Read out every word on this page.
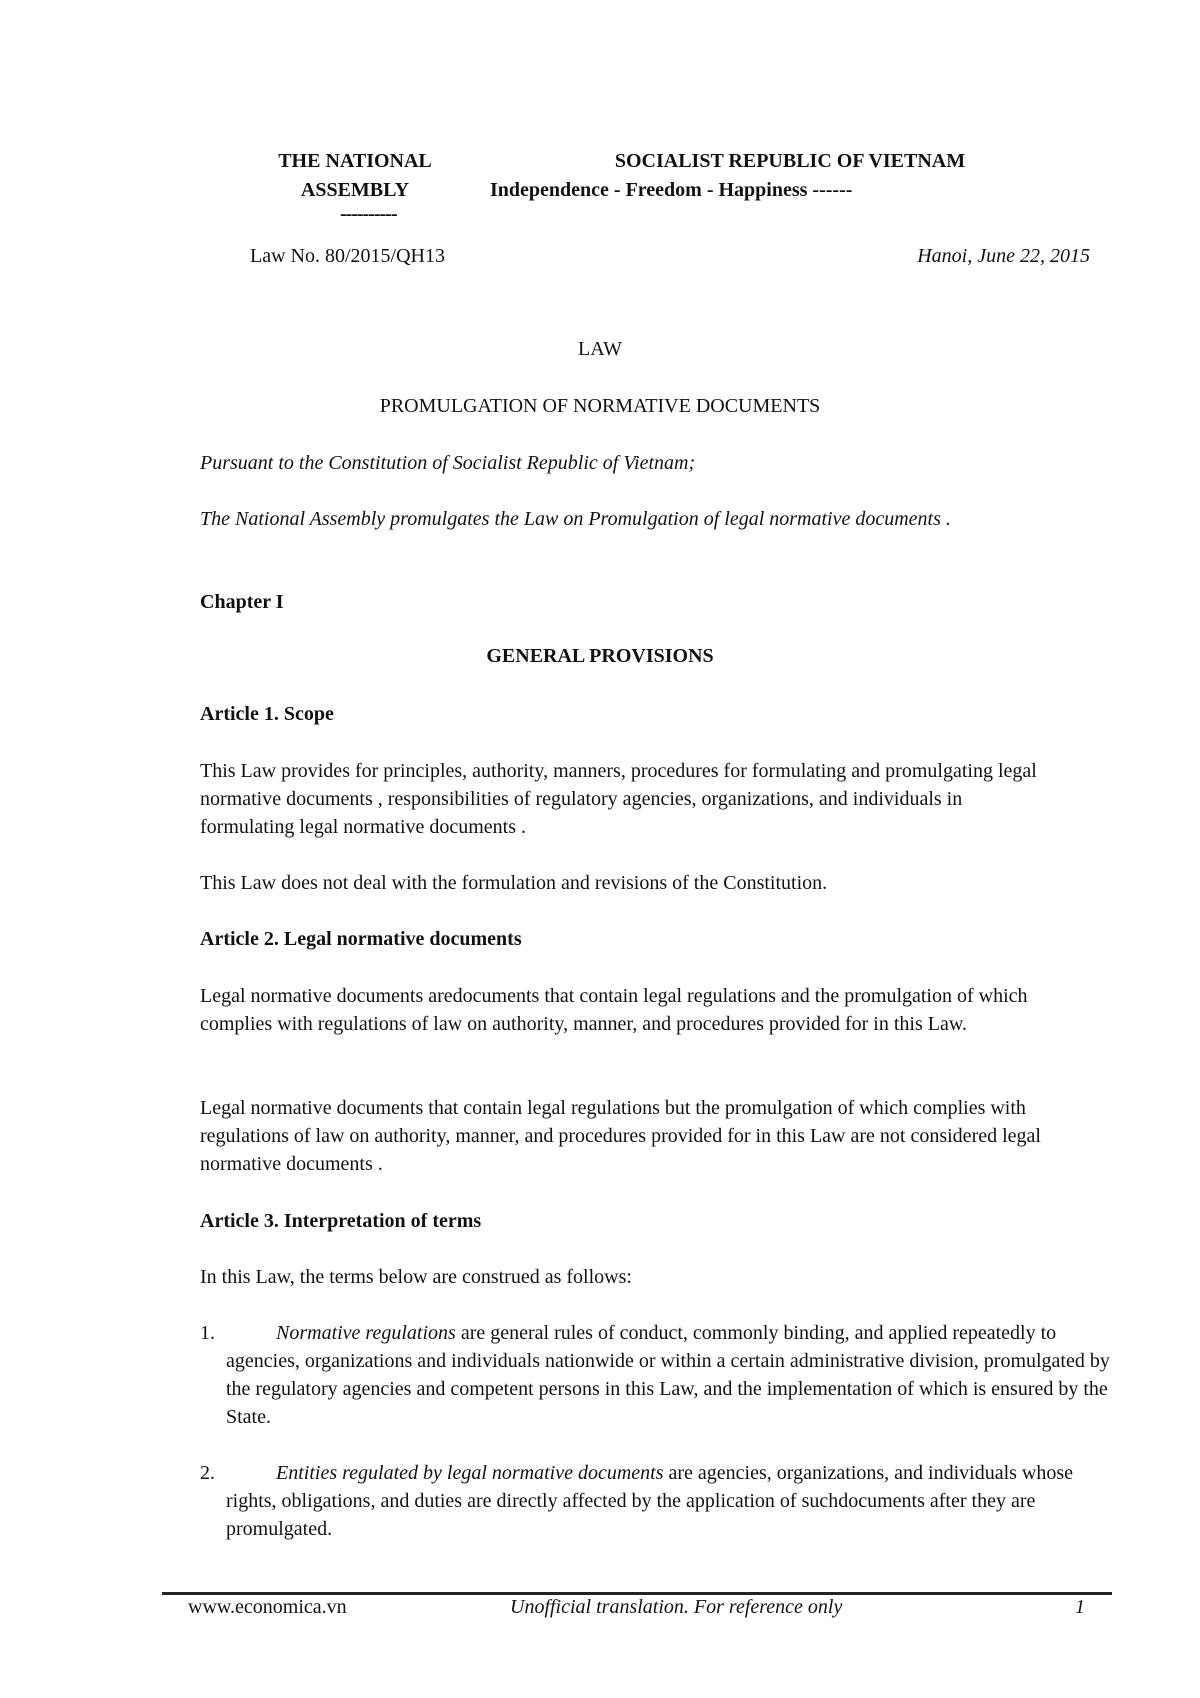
THE NATIONAL ASSEMBLY
----------
SOCIALIST REPUBLIC OF VIETNAM
Independence - Freedom - Happiness ------
Law No. 80/2015/QH13	Hanoi, June 22, 2015
LAW
PROMULGATION OF NORMATIVE DOCUMENTS
Pursuant to the Constitution of Socialist Republic of Vietnam;
The National Assembly promulgates the Law on Promulgation of legal normative documents .
Chapter I
GENERAL PROVISIONS
Article 1. Scope
This Law provides for principles, authority, manners, procedures for formulating and promulgating legal normative documents , responsibilities of regulatory agencies, organizations, and individuals in formulating legal normative documents .
This Law does not deal with the formulation and revisions of the Constitution.
Article 2. Legal normative documents
Legal normative documents aredocuments that contain legal regulations and the promulgation of which complies with regulations of law on authority, manner, and procedures provided for in this Law.
Legal normative documents that contain legal regulations but the promulgation of which complies with regulations of law on authority, manner, and procedures provided for in this Law are not considered legal normative documents .
Article 3. Interpretation of terms
In this Law, the terms below are construed as follows:
1.	Normative regulations are general rules of conduct, commonly binding, and applied repeatedly to agencies, organizations and individuals nationwide or within a certain administrative division, promulgated by the regulatory agencies and competent persons in this Law, and the implementation of which is ensured by the State.
2.	Entities regulated by legal normative documents are agencies, organizations, and individuals whose rights, obligations, and duties are directly affected by the application of suchdocuments after they are promulgated.
www.economica.vn	Unofficial translation. For reference only	1
